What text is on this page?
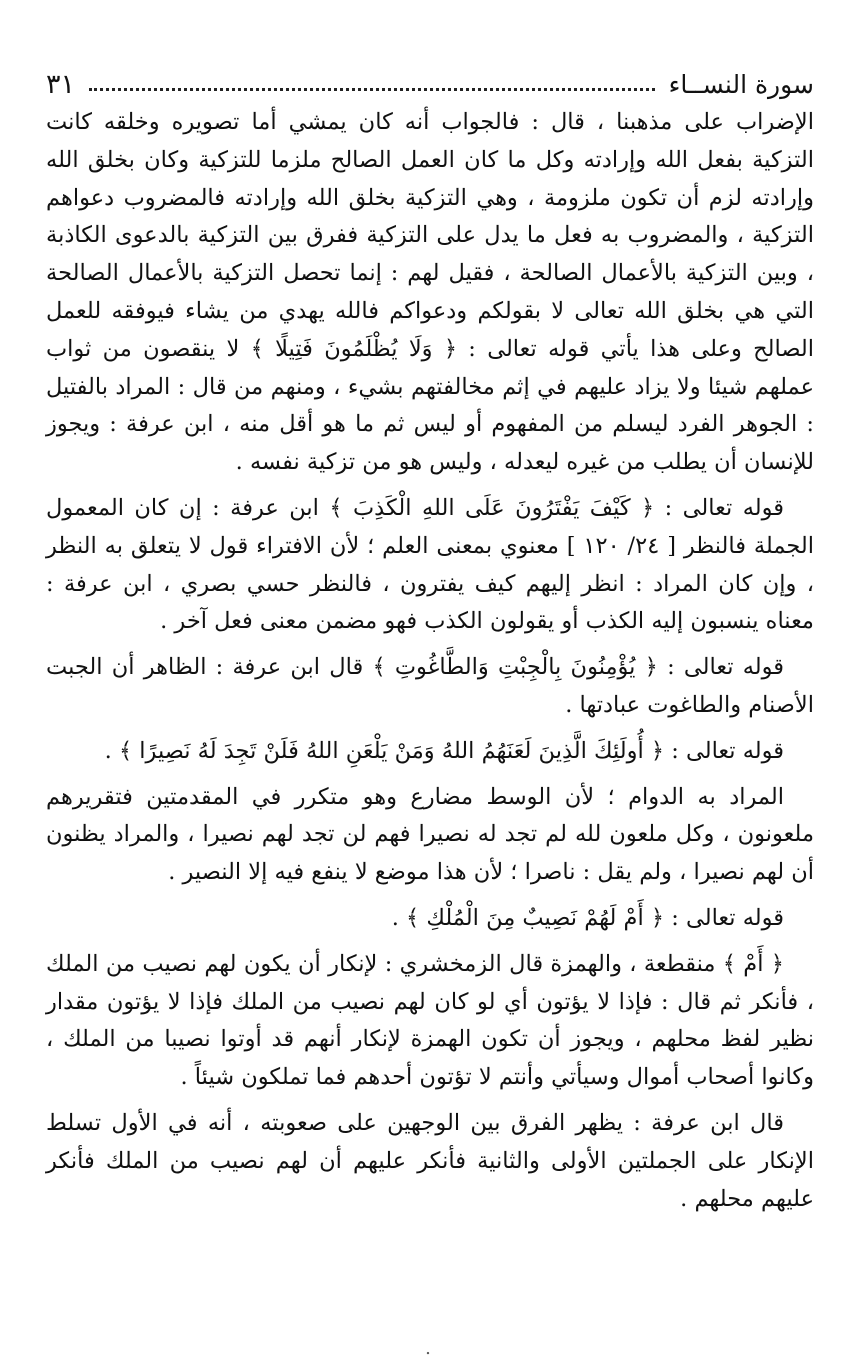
سورة النســاء
٣١

الإضراب على مذهبنا ، قال : فالجواب أنه كان يمشي أما تصويره وخلقه كانت التزكية بفعل الله وإرادته وكل ما كان العمل الصالح ملزما للتزكية وكان بخلق الله وإرادته لزم أن تكون ملزومة ، وهي التزكية بخلق الله وإرادته فالمضروب دعواهم التزكية ، والمضروب به فعل ما يدل على التزكية ففرق بين التزكية بالدعوى الكاذبة ، وبين التزكية بالأعمال الصالحة ، فقيل لهم : إنما تحصل التزكية بالأعمال الصالحة التي هي بخلق الله تعالى لا بقولكم ودعواكم فالله يهدي من يشاء فيوفقه للعمل الصالح وعلى هذا يأتي قوله تعالى : ﴿ وَلَا يُظْلَمُونَ فَتِيلًا ﴾ لا ينقصون من ثواب عملهم شيئا ولا يزاد عليهم في إثم مخالفتهم بشيء ، ومنهم من قال : المراد بالفتيل : الجوهر الفرد ليسلم من المفهوم أو ليس ثم ما هو أقل منه ، ابن عرفة : ويجوز للإنسان أن يطلب من غيره ليعدله ، وليس هو من تزكية نفسه .

قوله تعالى : ﴿ كَيْفَ يَفْتَرُونَ عَلَى اللهِ الْكَذِبَ ﴾ ابن عرفة : إن كان المعمول الجملة فالنظر [ ٢٤/ ١٢٠ ] معنوي بمعنى العلم ؛ لأن الافتراء قول لا يتعلق به النظر ، وإن كان المراد : انظر إليهم كيف يفترون ، فالنظر حسي بصري ، ابن عرفة : معناه ينسبون إليه الكذب أو يقولون الكذب فهو مضمن معنى فعل آخر .

قوله تعالى : ﴿ يُؤْمِنُونَ بِالْجِبْتِ وَالطَّاغُوتِ ﴾ قال ابن عرفة : الظاهر أن الجبت الأصنام والطاغوت عبادتها .

قوله تعالى : ﴿ أُولَئِكَ الَّذِينَ لَعَنَهُمُ اللهُ وَمَنْ يَلْعَنِ اللهُ فَلَنْ تَجِدَ لَهُ نَصِيرًا ﴾ .

المراد به الدوام ؛ لأن الوسط مضارع وهو متكرر في المقدمتين فتقريرهم ملعونون ، وكل ملعون لله لم تجد له نصيرا فهم لن تجد لهم نصيرا ، والمراد يظنون أن لهم نصيرا ، ولم يقل : ناصرا ؛ لأن هذا موضع لا ينفع فيه إلا النصير .

قوله تعالى : ﴿ أَمْ لَهُمْ نَصِيبٌ مِنَ الْمُلْكِ ﴾ .

﴿ أَمْ ﴾ منقطعة ، والهمزة قال الزمخشري : لإنكار أن يكون لهم نصيب من الملك ، فأنكر ثم قال : فإذا لا يؤتون أي لو كان لهم نصيب من الملك فإذا لا يؤتون مقدار نظير لفظ محلهم ، ويجوز أن تكون الهمزة لإنكار أنهم قد أوتوا نصيبا من الملك ، وكانوا أصحاب أموال وسيأتي وأنتم لا تؤتون أحدهم فما تملكون شيئاً .

قال ابن عرفة : يظهر الفرق بين الوجهين على صعوبته ، أنه في الأول تسلط الإنكار على الجملتين الأولى والثانية فأنكر عليهم أن لهم نصيب من الملك فأنكر عليهم محلهم .

.
